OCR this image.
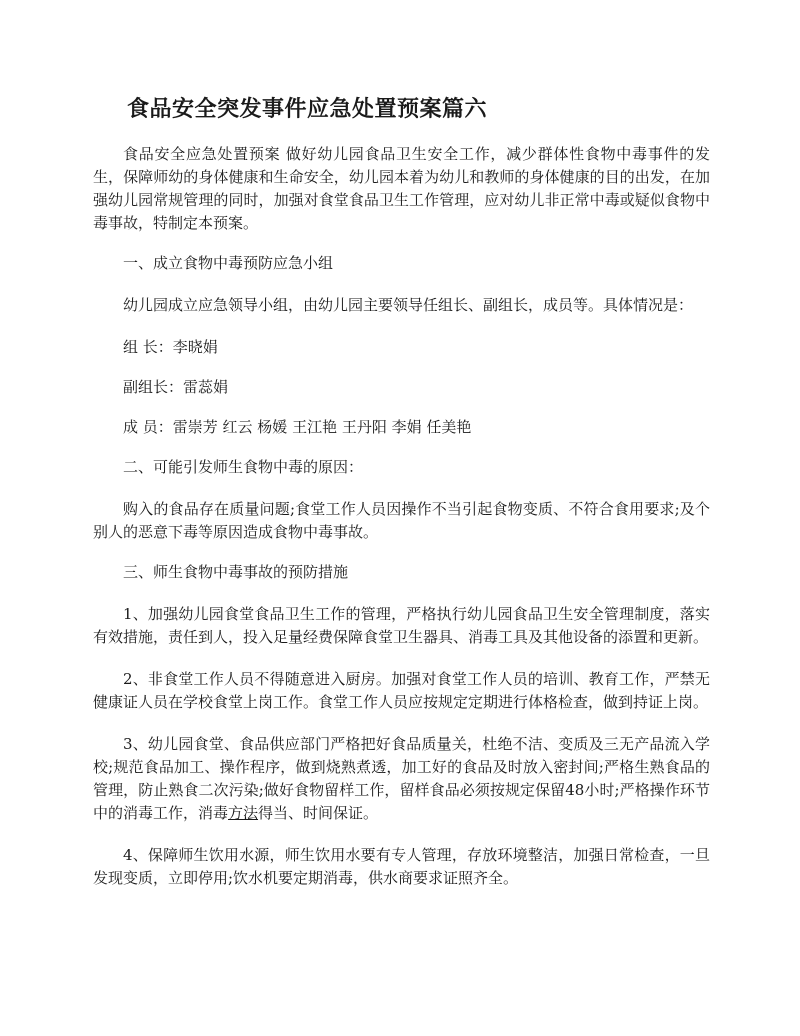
食品安全突发事件应急处置预案篇六

食品安全应急处置预案 做好幼儿园食品卫生安全工作，减少群体性食物中毒事件的发生，保障师幼的身体健康和生命安全，幼儿园本着为幼儿和教师的身体健康的目的出发，在加强幼儿园常规管理的同时，加强对食堂食品卫生工作管理，应对幼儿非正常中毒或疑似食物中毒事故，特制定本预案。

一、成立食物中毒预防应急小组

幼儿园成立应急领导小组，由幼儿园主要领导任组长、副组长，成员等。具体情况是：

组 长：李晓娟

副组长：雷蕊娟

成 员：雷崇芳 红云 杨媛 王江艳 王丹阳 李娟 任美艳

二、可能引发师生食物中毒的原因：

购入的食品存在质量问题;食堂工作人员因操作不当引起食物变质、不符合食用要求;及个别人的恶意下毒等原因造成食物中毒事故。

三、师生食物中毒事故的预防措施

1、加强幼儿园食堂食品卫生工作的管理，严格执行幼儿园食品卫生安全管理制度，落实有效措施，责任到人，投入足量经费保障食堂卫生器具、消毒工具及其他设备的添置和更新。

2、非食堂工作人员不得随意进入厨房。加强对食堂工作人员的培训、教育工作，严禁无健康证人员在学校食堂上岗工作。食堂工作人员应按规定定期进行体格检查，做到持证上岗。

3、幼儿园食堂、食品供应部门严格把好食品质量关，杜绝不洁、变质及三无产品流入学校;规范食品加工、操作程序，做到烧熟煮透，加工好的食品及时放入密封间;严格生熟食品的管理，防止熟食二次污染;做好食物留样工作，留样食品必须按规定保留48小时;严格操作环节中的消毒工作，消毒方法得当、时间保证。

4、保障师生饮用水源，师生饮用水要有专人管理，存放环境整洁，加强日常检查，一旦发现变质，立即停用;饮水机要定期消毒，供水商要求证照齐全。
